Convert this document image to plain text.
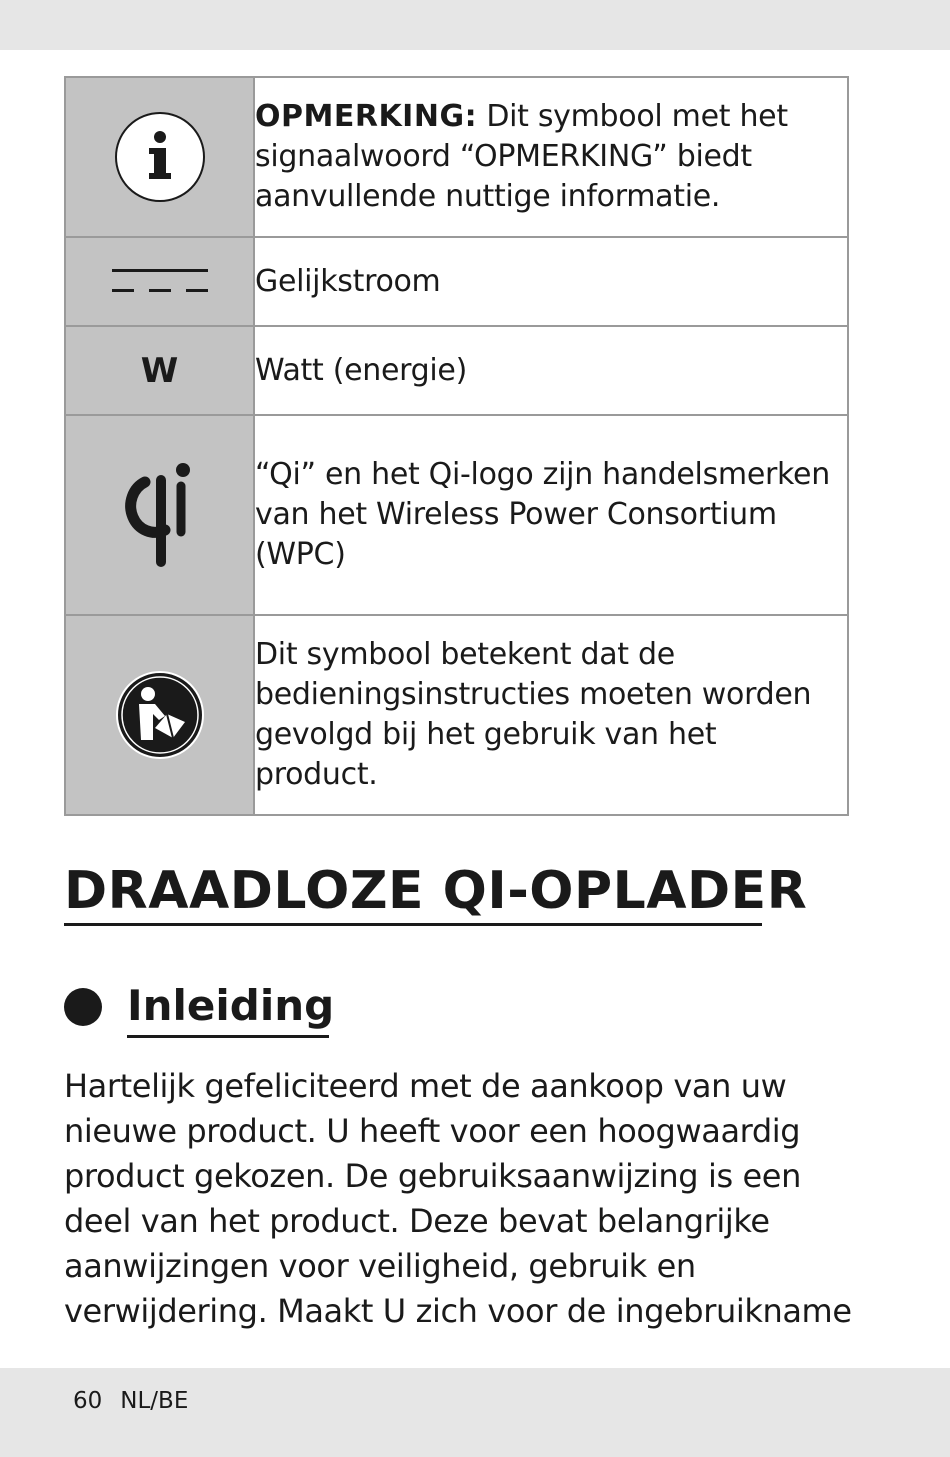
	OPMERKING: Dit symbool met het signaalwoord “OPMERKING” biedt aanvullende nuttige informatie.
	Gelijkstroom
W	Watt (energie)
	“Qi” en het Qi-logo zijn handelsmerken van het Wireless Power Consortium (WPC)
	Dit symbool betekent dat de bedieningsinstructies moeten worden gevolgd bij het gebruik van het product.
DRAADLOZE QI-OPLADER
Inleiding

Hartelijk gefeliciteerd met de aankoop van uw nieuwe product. U heeft voor een hoogwaardig product gekozen. De gebruiksaanwijzing is een deel van het product. Deze bevat belangrijke aanwijzingen voor veiligheid, gebruik en verwijdering. Maakt U zich voor de ingebruikname

60 NL/BE
